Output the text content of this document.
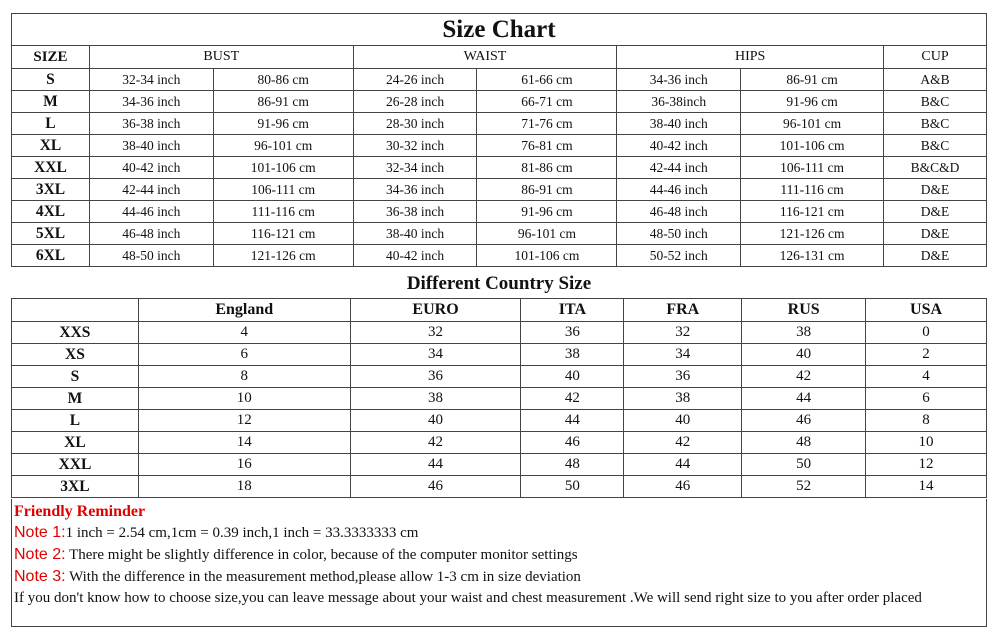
Size Chart							
SIZE	BUST		WAIST		HIPS		CUP
S	32-34 inch	80-86 cm	24-26 inch	61-66 cm	34-36 inch	86-91 cm	A&B
M	34-36 inch	86-91 cm	26-28 inch	66-71 cm	36-38inch	91-96 cm	B&C
L	36-38 inch	91-96 cm	28-30 inch	71-76 cm	38-40 inch	96-101 cm	B&C
XL	38-40 inch	96-101 cm	30-32 inch	76-81 cm	40-42 inch	101-106 cm	B&C
XXL	40-42 inch	101-106 cm	32-34 inch	81-86 cm	42-44 inch	106-111 cm	B&C&D
3XL	42-44 inch	106-111 cm	34-36 inch	86-91 cm	44-46 inch	111-116 cm	D&E
4XL	44-46 inch	111-116 cm	36-38 inch	91-96 cm	46-48 inch	116-121 cm	D&E
5XL	46-48 inch	116-121 cm	38-40 inch	96-101 cm	48-50 inch	121-126 cm	D&E
6XL	48-50 inch	121-126 cm	40-42 inch	101-106 cm	50-52 inch	126-131 cm	D&E
Different Country Size
	England	EURO	ITA	FRA	RUS	USA
XXS	4	32	36	32	38	0
XS	6	34	38	34	40	2
S	8	36	40	36	42	4
M	10	38	42	38	44	6
L	12	40	44	40	46	8
XL	14	42	46	42	48	10
XXL	16	44	48	44	50	12
3XL	18	46	50	46	52	14
Friendly Reminder
Note 1:1 inch = 2.54 cm,1cm = 0.39 inch,1 inch = 33.3333333 cm
Note 2: There might be slightly difference in color, because of the computer monitor settings
Note 3: With the difference in the measurement method,please allow 1-3 cm in size deviation
If you don't know how to choose size,you can leave message about your waist and chest measurement .We will send right size to you after order placed
